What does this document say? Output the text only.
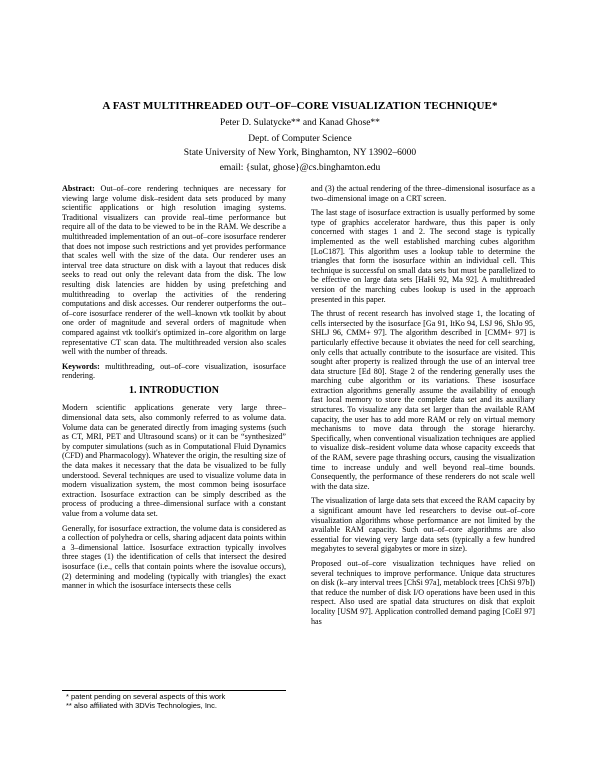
A FAST MULTITHREADED OUT–OF–CORE VISUALIZATION TECHNIQUE*
Peter D. Sulatycke** and Kanad Ghose**
Dept. of Computer Science
State University of New York, Binghamton, NY 13902–6000
email: {sulat, ghose}@cs.binghamton.edu

Abstract: Out–of–core rendering techniques are necessary for viewing large volume disk–resident data sets produced by many scientific applications or high resolution imaging systems. Traditional visualizers can provide real–time performance but require all of the data to be viewed to be in the RAM. We describe a multithreaded implementation of an out–of–core isosurface renderer that does not impose such restrictions and yet provides performance that scales well with the size of the data. Our renderer uses an interval tree data structure on disk with a layout that reduces disk seeks to read out only the relevant data from the disk. The low resulting disk latencies are hidden by using prefetching and multithreading to overlap the activities of the rendering computations and disk accesses. Our renderer outperforms the out–of–core isosurface renderer of the well–known vtk toolkit by about one order of magnitude and several orders of magnitude when compared against vtk toolkit's optimized in–core algorithm on large representative CT scan data. The multithreaded version also scales well with the number of threads.

Keywords: multithreading, out–of–core visualization, isosurface rendering.

1. INTRODUCTION

Modern scientific applications generate very large three–dimensional data sets, also commonly referred to as volume data. Volume data can be generated directly from imaging systems (such as CT, MRI, PET and Ultrasound scans) or it can be “synthesized” by computer simulations (such as in Computational Fluid Dynamics (CFD) and Pharmacology). Whatever the origin, the resulting size of the data makes it necessary that the data be visualized to be fully understood. Several techniques are used to visualize volume data in modern visualization system, the most common being isosurface extraction. Isosurface extraction can be simply described as the process of producing a three–dimensional surface with a constant value from a volume data set.

Generally, for isosurface extraction, the volume data is considered as a collection of polyhedra or cells, sharing adjacent data points within a 3–dimensional lattice. Isosurface extraction typically involves three stages (1) the identification of cells that intersect the desired isosurface (i.e., cells that contain points where the isovalue occurs), (2) determining and modeling (typically with triangles) the exact manner in which the isosurface intersects these cells

* patent pending on several aspects of this work
** also affiliated with 3DVis Technologies, Inc.

and (3) the actual rendering of the three–dimensional isosurface as a two–dimensional image on a CRT screen.

The last stage of isosurface extraction is usually performed by some type of graphics accelerator hardware, thus this paper is only concerned with stages 1 and 2. The second stage is typically implemented as the well established marching cubes algorithm [LoC187]. This algorithm uses a lookup table to determine the triangles that form the isosurface within an individual cell. This technique is successful on small data sets but must be parallelized to be effective on large data sets [HaHi 92, Ma 92]. A multithreaded version of the marching cubes lookup is used in the approach presented in this paper.

The thrust of recent research has involved stage 1, the locating of cells intersected by the isosurface [Ga 91, ItKo 94, LSJ 96, ShJo 95, SHLJ 96, CMM+ 97]. The algorithm described in [CMM+ 97] is particularly effective because it obviates the need for cell searching, only cells that actually contribute to the isosurface are visited. This sought after property is realized through the use of an interval tree data structure [Ed 80]. Stage 2 of the rendering generally uses the marching cube algorithm or its variations. These isosurface extraction algorithms generally assume the availability of enough fast local memory to store the complete data set and its auxiliary structures. To visualize any data set larger than the available RAM capacity, the user has to add more RAM or rely on virtual memory mechanisms to move data through the storage hierarchy. Specifically, when conventional visualization techniques are applied to visualize disk–resident volume data whose capacity exceeds that of the RAM, severe page thrashing occurs, causing the visualization time to increase unduly and well beyond real–time bounds. Consequently, the performance of these renderers do not scale well with the data size.

The visualization of large data sets that exceed the RAM capacity by a significant amount have led researchers to devise out–of–core visualization algorithms whose performance are not limited by the available RAM capacity. Such out–of–core algorithms are also essential for viewing very large data sets (typically a few hundred megabytes to several gigabytes or more in size).

Proposed out–of–core visualization techniques have relied on several techniques to improve performance. Unique data structures on disk (k–ary interval trees [ChSi 97a], metablock trees [ChSi 97b]) that reduce the number of disk I/O operations have been used in this respect. Also used are spatial data structures on disk that exploit locality [USM 97]. Application controlled demand paging [CoEl 97] has
